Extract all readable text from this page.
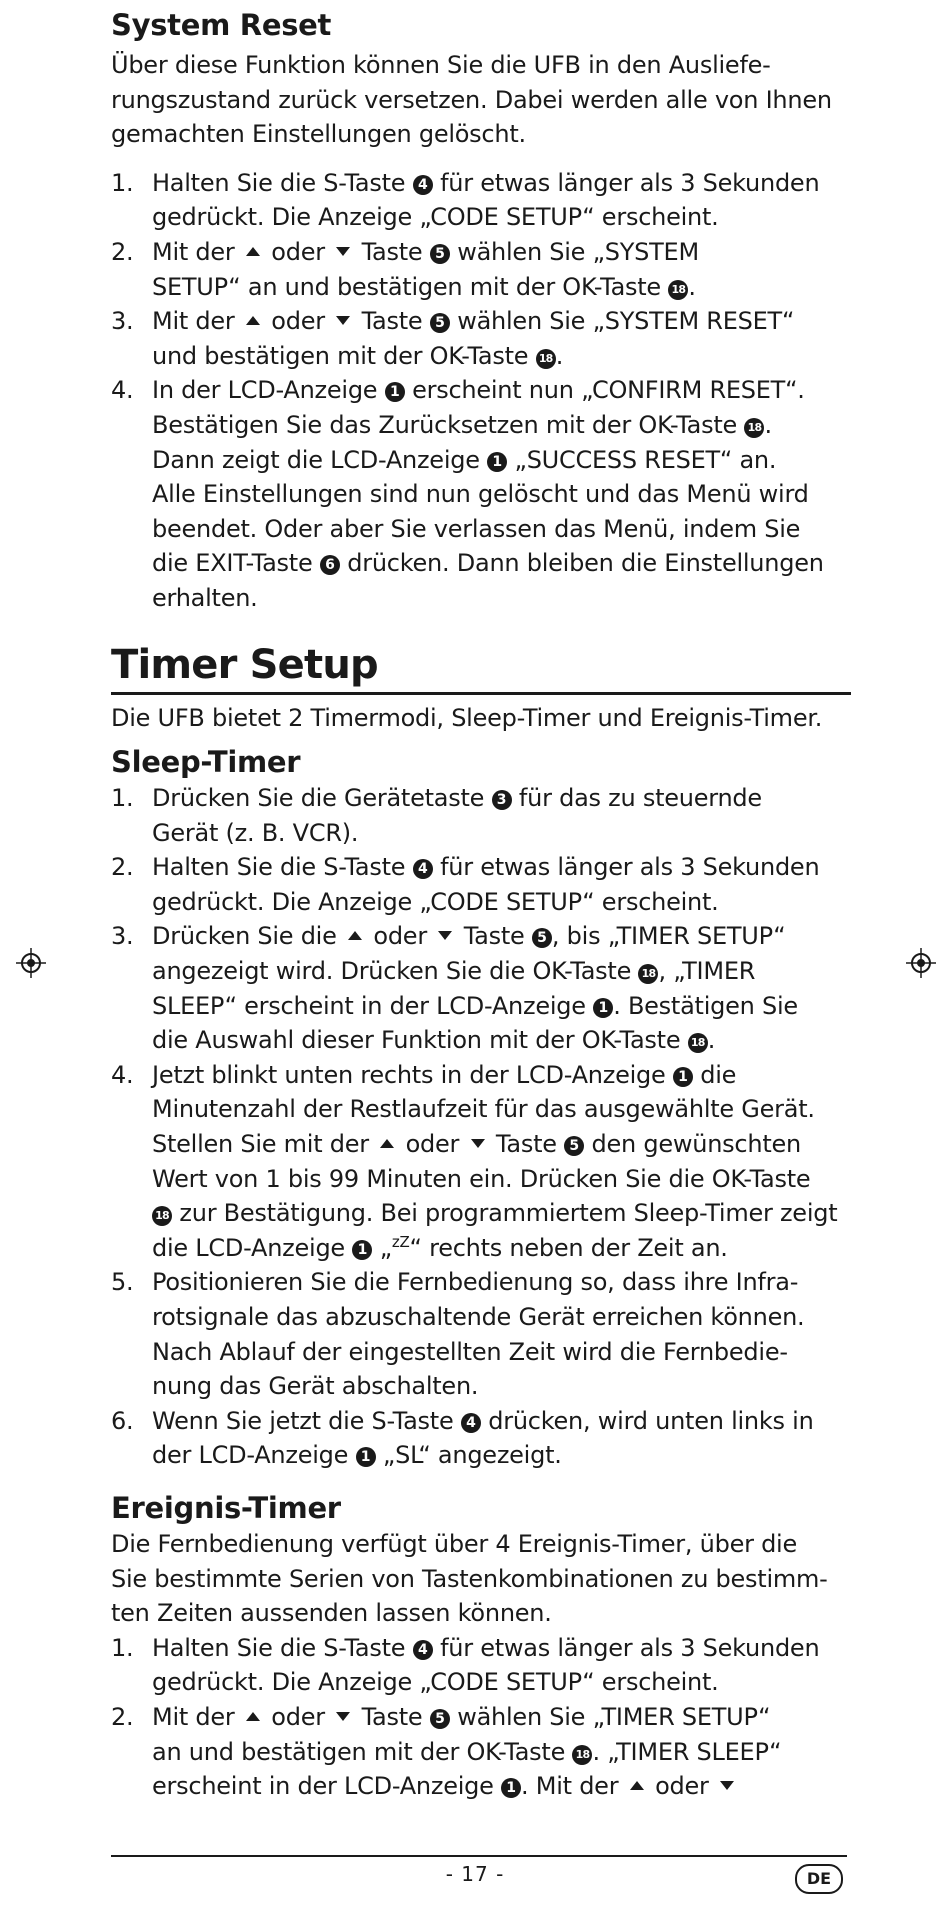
System Reset

Über diese Funktion können Sie die UFB in den Ausliefe-
rungszustand zurück versetzen. Dabei werden alle von Ihnen
gemachten Einstellungen gelöscht.

1. Halten Sie die S-Taste 4 für etwas länger als 3 Sekunden
gedrückt. Die Anzeige „CODE SETUP“ erscheint.
2. Mit der  oder  Taste 5 wählen Sie „SYSTEM
SETUP“ an und bestätigen mit der OK-Taste 18 .
3. Mit der  oder  Taste 5 wählen Sie „SYSTEM RESET“
und bestätigen mit der OK-Taste 18 .
4. In der LCD-Anzeige 1 erscheint nun „CONFIRM RESET“.
Bestätigen Sie das Zurücksetzen mit der OK-Taste 18 .
Dann zeigt die LCD-Anzeige 1 „SUCCESS RESET“ an.
Alle Einstellungen sind nun gelöscht und das Menü wird
beendet. Oder aber Sie verlassen das Menü, indem Sie
die EXIT-Taste 6 drücken. Dann bleiben die Einstellungen
erhalten.
Timer Setup

Die UFB bietet 2 Timermodi, Sleep-Timer und Ereignis-Timer.

Sleep-Timer
1. Drücken Sie die Gerätetaste 3 für das zu steuernde
Gerät (z. B. VCR).
2. Halten Sie die S-Taste 4 für etwas länger als 3 Sekunden
gedrückt. Die Anzeige „CODE SETUP“ erscheint.
3. Drücken Sie die  oder  Taste 5 , bis „TIMER SETUP“
angezeigt wird. Drücken Sie die OK-Taste 18 , „TIMER
SLEEP“ erscheint in der LCD-Anzeige 1 . Bestätigen Sie
die Auswahl dieser Funktion mit der OK-Taste 18 .
4. Jetzt blinkt unten rechts in der LCD-Anzeige 1 die
Minutenzahl der Restlaufzeit für das ausgewählte Gerät.
Stellen Sie mit der  oder  Taste 5 den gewünschten
Wert von 1 bis 99 Minuten ein. Drücken Sie die OK-Taste
18 zur Bestätigung. Bei programmiertem Sleep-Timer zeigt
die LCD-Anzeige 1 „$^{zZ}$“ rechts neben der Zeit an.
5. Positionieren Sie die Fernbedienung so, dass ihre Infra-
rotsignale das abzuschaltende Gerät erreichen können.
Nach Ablauf der eingestellten Zeit wird die Fernbedie-
nung das Gerät abschalten.
6. Wenn Sie jetzt die S-Taste 4 drücken, wird unten links in
der LCD-Anzeige 1 „SL“ angezeigt.
Ereignis-Timer

Die Fernbedienung verfügt über 4 Ereignis-Timer, über die
Sie bestimmte Serien von Tastenkombinationen zu bestimm-
ten Zeiten aussenden lassen können.

1. Halten Sie die S-Taste 4 für etwas länger als 3 Sekunden
gedrückt. Die Anzeige „CODE SETUP“ erscheint.
2. Mit der  oder  Taste 5 wählen Sie „TIMER SETUP“
an und bestätigen mit der OK-Taste 18 . „TIMER SLEEP“
erscheint in der LCD-Anzeige 1 . Mit der  oder
- 17 -	DE
